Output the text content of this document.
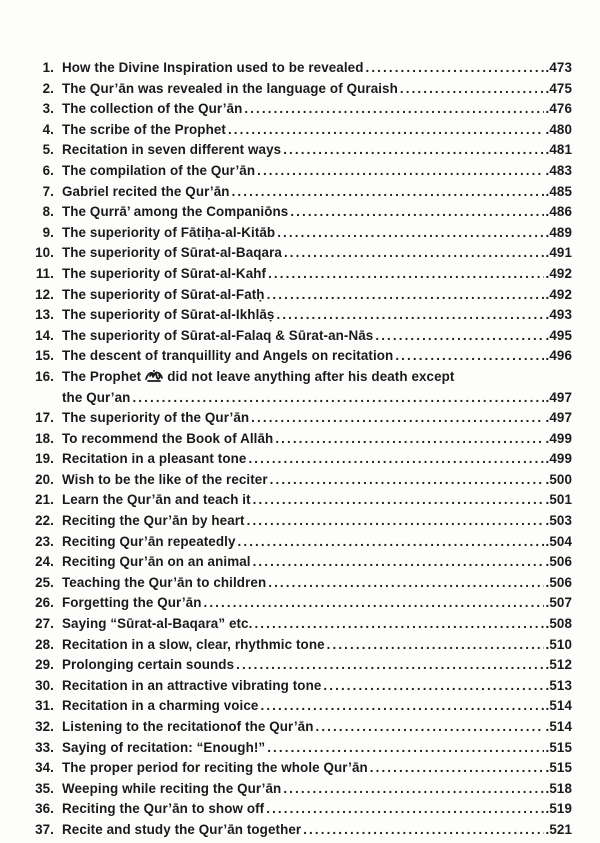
1. How the Divine Inspiration used to be revealed . . .	.473
2. The Qur’ān was revealed in the language of Quraish . . .	.475
3. The collection of the Qur’ān . . .	.476
4. The scribe of the Prophet . . .	.480
5. Recitation in seven different ways . . .	.481
6. The compilation of the Qur’ān . . .	.483
7. Gabriel recited the Qur’ān . . .	.485
8. The Qurrā’ among the Companiōns . . .	.486
9. The superiority of Fātiḥa-al-Kitāb . . .	.489
10. The superiority of Sūrat-al-Baqara . . .	.491
11. The superiority of Sūrat-al-Kahf . . .	.492
12. The superiority of Sūrat-al-Fatḥ . . .	.492
13. The superiority of Sūrat-al-Ikhlāṣ . . .	.493
14. The superiority of Sūrat-al-Falaq & Sūrat-an-Nās . . .	.495
15. The descent of tranquillity and Angels on recitation . . .	.496
16. The Prophet did not leave anything after his death except
the Qur’an . . .	.497
17. The superiority of the Qur’ān . . .	.497
18. To recommend the Book of Allāh . . .	.499
19. Recitation in a pleasant tone . . .	.499
20. Wish to be the like of the reciter . . .	.500
21. Learn the Qur’ān and teach it . . .	.501
22. Reciting the Qur’ān by heart . . .	.503
23. Reciting Qur’ān repeatedly . . .	.504
24. Reciting Qur’ān on an animal . . .	.506
25. Teaching the Qur’ān to children . . .	.506
26. Forgetting the Qur’ān . . .	.507
27. Saying “Sūrat-al-Baqara” etc. . . .	.508
28. Recitation in a slow, clear, rhythmic tone . . .	.510
29. Prolonging certain sounds . . .	.512
30. Recitation in an attractive vibrating tone . . .	.513
31. Recitation in a charming voice . . .	.514
32. Listening to the recitationof the Qur’ān . . .	.514
33. Saying of recitation: “Enough!” . . .	.515
34. The proper period for reciting the whole Qur’ān . . .	.515
35. Weeping while reciting the Qur’ān . . .	.518
36. Reciting the Qur’ān to show off . . .	.519
37. Recite and study the Qur’ān together . . .	.521
